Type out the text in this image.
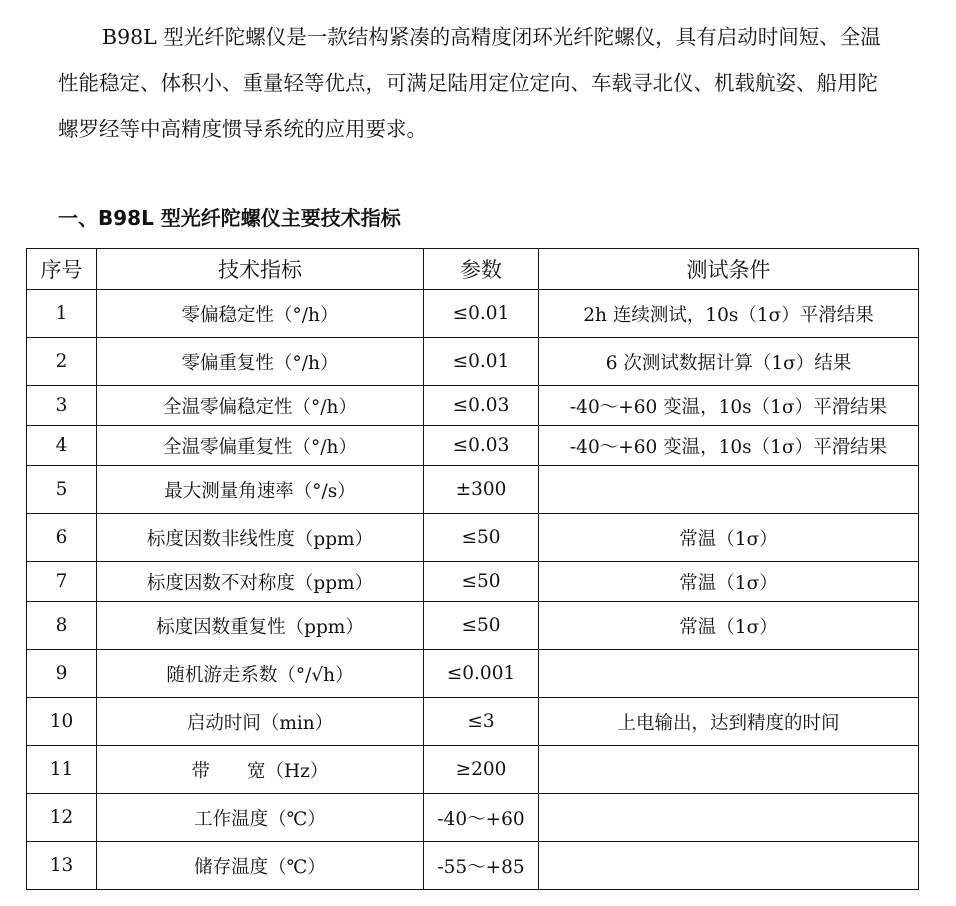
B98L 型光纤陀螺仪是一款结构紧凑的高精度闭环光纤陀螺仪，具有启动时间短、全温性能稳定、体积小、重量轻等优点，可满足陆用定位定向、车载寻北仪、机载航姿、船用陀螺罗经等中高精度惯导系统的应用要求。

一、B98L 型光纤陀螺仪主要技术指标
序号	技术指标	参数	测试条件
1	零偏稳定性（°/h）	≤0.01	2h 连续测试，10s（1σ）平滑结果
2	零偏重复性（°/h）	≤0.01	6 次测试数据计算（1σ）结果
3	全温零偏稳定性（°/h）	≤0.03	-40～+60 变温，10s（1σ）平滑结果
4	全温零偏重复性（°/h）	≤0.03	-40～+60 变温，10s（1σ）平滑结果
5	最大测量角速率（°/s）	±300	
6	标度因数非线性度（ppm）	≤50	常温（1σ）
7	标度因数不对称度（ppm）	≤50	常温（1σ）
8	标度因数重复性（ppm）	≤50	常温（1σ）
9	随机游走系数（°/√h）	≤0.001	
10	启动时间（min）	≤3	上电输出，达到精度的时间
11	带　　宽（Hz）	≥200	
12	工作温度（℃）	-40～+60	
13	储存温度（℃）	-55～+85	
